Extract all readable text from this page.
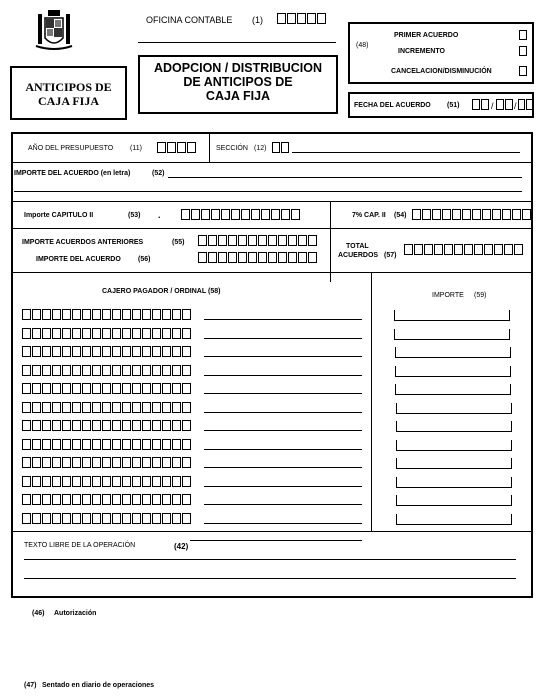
OFICINA CONTABLE (1)
(48)
PRIMER ACUERDO
INCREMENTO
CANCELACION/DISMINUCIÓN
ANTICIPOS DE
CAJA FIJA
ADOPCION / DISTRIBUCION
DE ANTICIPOS DE
CAJA FIJA
FECHA DEL ACUERDO (51)	/ /
AÑO DEL PRESUPUESTO (11)	SECCIÓN (12)
IMPORTE DEL ACUERDO (en letra)	(52)
Importe CAPITULO II	(53) .	7% CAP. II (54)
IMPORTE ACUERDOS ANTERIORES	(55)
IMPORTE DEL ACUERDO (56)
TOTAL
ACUERDOS (57)
CAJERO PAGADOR / ORDINAL (58)
IMPORTE (59)
TEXTO LIBRE DE LA OPERACIÓN	(42)
(46) Autorización
(47) Sentado en diario de operaciones
